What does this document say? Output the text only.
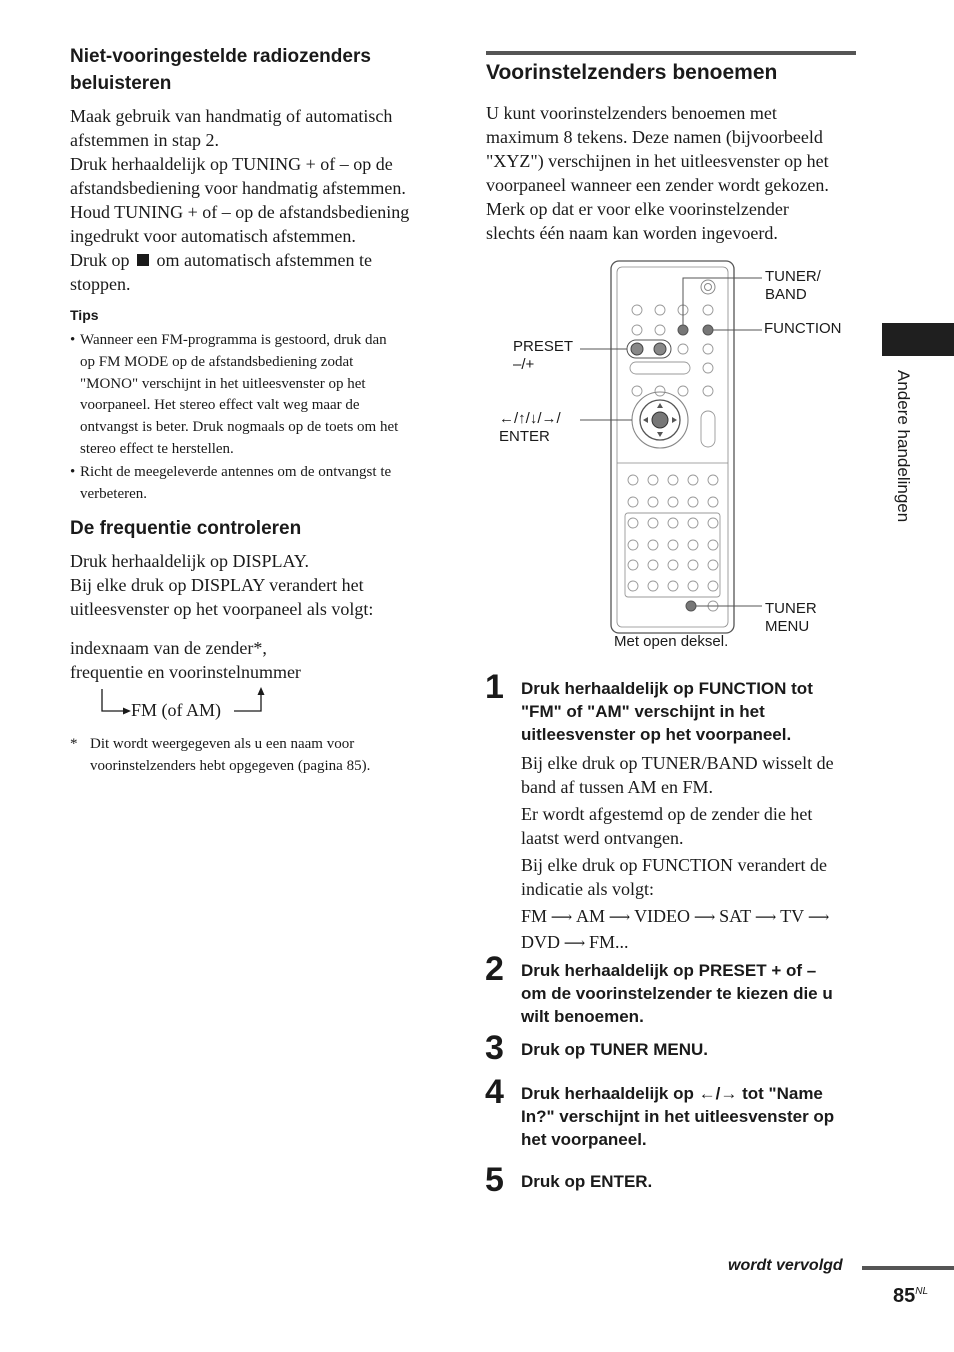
Niet-vooringestelde radiozenders
beluisteren
Maak gebruik van handmatig of automatisch
afstemmen in stap 2.
Druk herhaaldelijk op TUNING + of – op de
afstandsbediening voor handmatig afstemmen.
Houd TUNING + of – op de afstandsbediening
ingedrukt voor automatisch afstemmen.
Druk op om automatisch afstemmen te
stoppen.
Tips
• Wanneer een FM-programma is gestoord, druk dan
op FM MODE op de afstandsbediening zodat
"MONO" verschijnt in het uitleesvenster op het
voorpaneel. Het stereo effect valt weg maar de
ontvangst is beter. Druk nogmaals op de toets om het
stereo effect te herstellen.
• Richt de meegeleverde antennes om de ontvangst te
verbeteren.
De frequentie controleren
Druk herhaaldelijk op DISPLAY.
Bij elke druk op DISPLAY verandert het
uitleesvenster op het voorpaneel als volgt:
indexnaam van de zender*,
frequentie en voorinstelnummer
FM (of AM)
* Dit wordt weergegeven als u een naam voor
voorinstelzenders hebt opgegeven (pagina 85).
Voorinstelzenders benoemen
U kunt voorinstelzenders benoemen met
maximum 8 tekens. Deze namen (bijvoorbeeld
"XYZ") verschijnen in het uitleesvenster op het
voorpaneel wanneer een zender wordt gekozen.
Merk op dat er voor elke voorinstelzender
slechts één naam kan worden ingevoerd.
TUNER/
BAND
FUNCTION
PRESET
–/+
←/↑/↓/→/
ENTER
TUNER
MENU
Met open deksel.
1 Druk herhaaldelijk op FUNCTION tot
"FM" of "AM" verschijnt in het
uitleesvenster op het voorpaneel.
Bij elke druk op TUNER/BAND wisselt de
band af tussen AM en FM.
Er wordt afgestemd op de zender die het
laatst werd ontvangen.
Bij elke druk op FUNCTION verandert de
indicatie als volgt:
FM ⟶ AM ⟶ VIDEO ⟶ SAT ⟶ TV ⟶
DVD ⟶ FM...
2 Druk herhaaldelijk op PRESET + of –
om de voorinstelzender te kiezen die u
wilt benoemen.
3 Druk op TUNER MENU.
4 Druk herhaaldelijk op ←/→ tot "Name
In?" verschijnt in het uitleesvenster op
het voorpaneel.
5 Druk op ENTER.
Andere handelingen
wordt vervolgd
$85^{NL}$
